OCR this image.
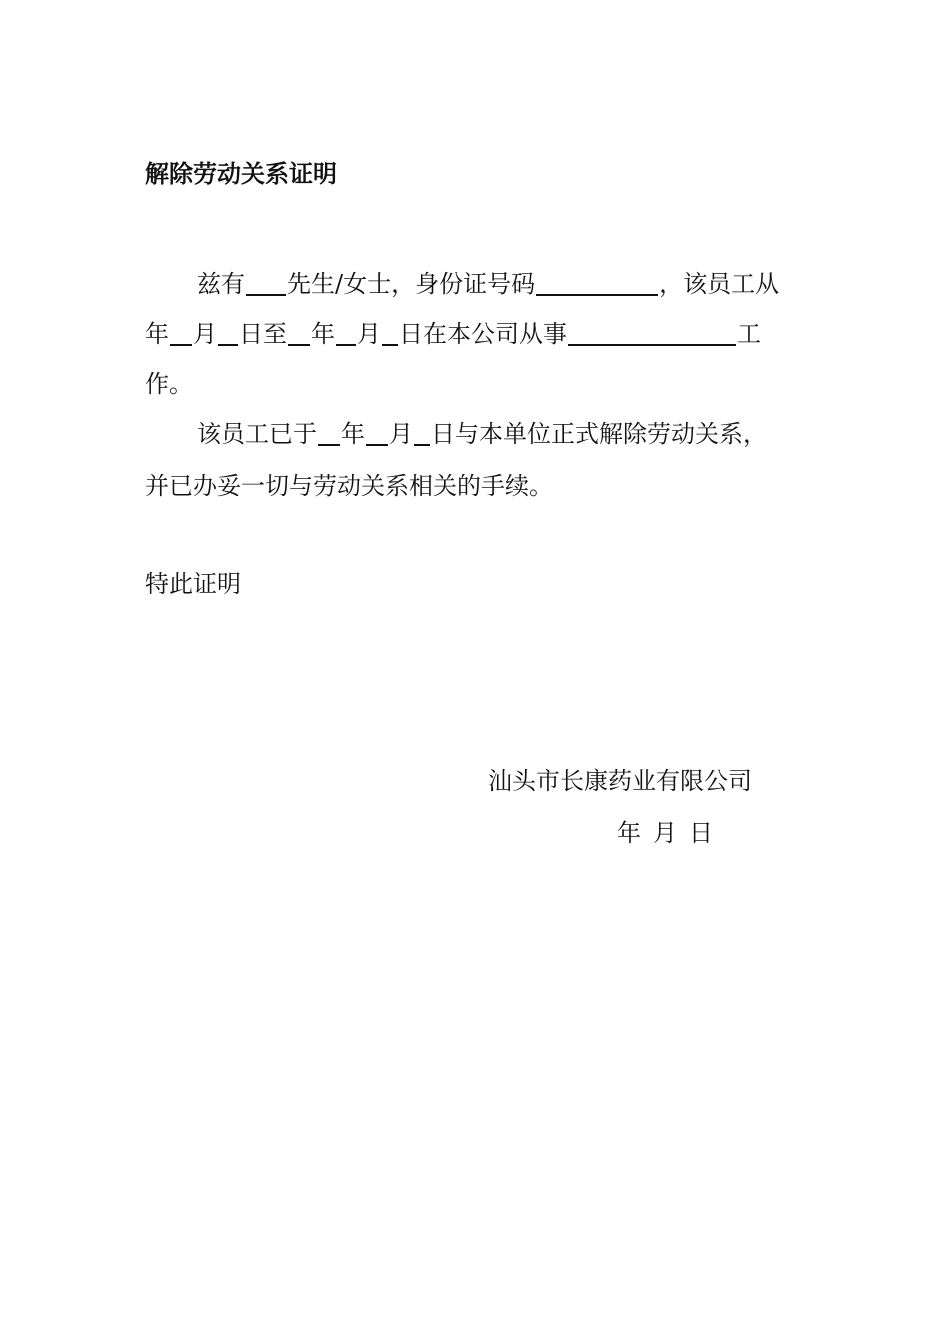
解除劳动关系证明
兹有 先生/女士，身份证号码	，该员工从
年 月 日至 年 月 日在本公司从事	工
作。
该员工已于 年 月 日与本单位正式解除劳动关系，
并已办妥一切与劳动关系相关的手续。
特此证明
汕头市长康药业有限公司
年 月 日
